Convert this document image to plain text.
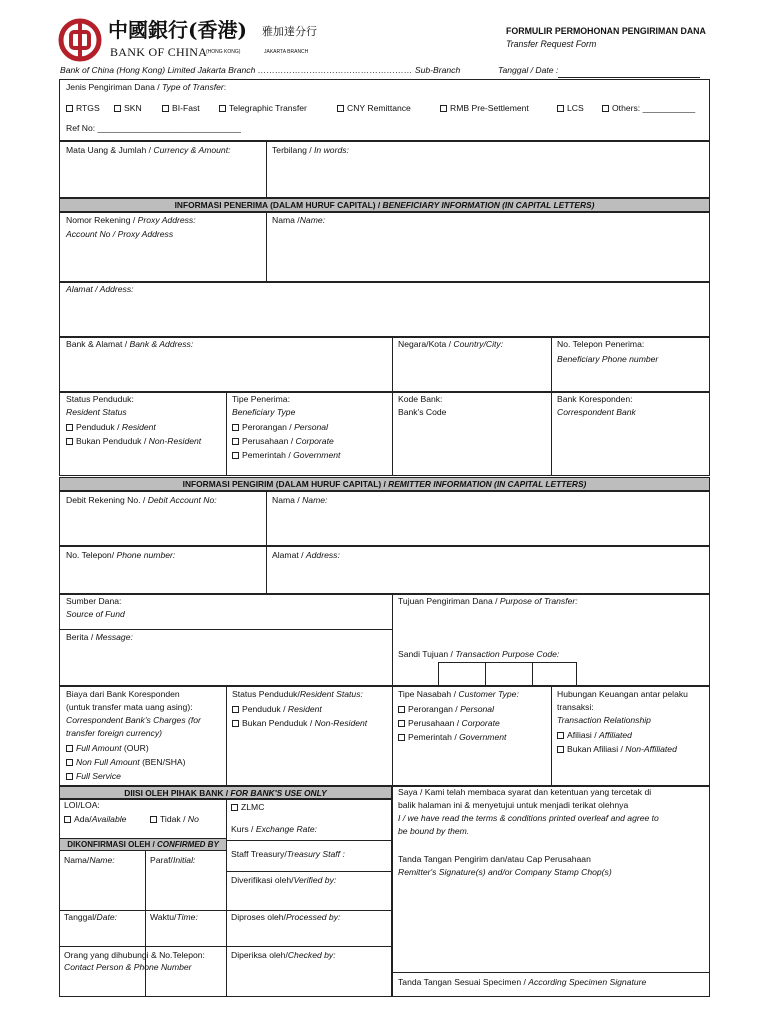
中國銀行(香港) 雅加達分行
BANK OF CHINA
(HONG KONG)	JAKARTA BRANCH
FORMULIR PERMOHONAN PENGIRIMAN DANA
Transfer Request Form
Bank of China (Hong Kong) Limited Jakarta Branch ……………………………………………… Sub-Branch	Tanggal / Date :
Jenis Pengiriman Dana / Type of Transfer:
RTGS	SKN	BI-Fast	Telegraphic Transfer	CNY Remittance	RMB Pre-Settlement	LCS	Others: ___________
Ref No: ______________________________
Mata Uang & Jumlah / Currency & Amount:	Terbilang / In words:
INFORMASI PENERIMA (DALAM HURUF CAPITAL) / BENEFICIARY INFORMATION (IN CAPITAL LETTERS)
Nomor Rekening / Proxy Address:
Account No / Proxy Address
Nama /Name:
Alamat / Address:
Bank & Alamat / Bank & Address:	Negara/Kota / Country/City:	No. Telepon Penerima:
Beneficiary Phone number
Status Penduduk:
Resident Status
Penduduk / Resident
Bukan Penduduk / Non-Resident
Tipe Penerima:
Beneficiary Type
Perorangan / Personal
Perusahaan / Corporate
Pemerintah / Government
Kode Bank:
Bank's Code
Bank Koresponden:
Correspondent Bank
INFORMASI PENGIRIM (DALAM HURUF CAPITAL) / REMITTER INFORMATION (IN CAPITAL LETTERS)
Debit Rekening No. / Debit Account No:	Nama / Name:
No. Telepon/ Phone number:	Alamat / Address:
Sumber Dana:
Source of Fund
Berita / Message:
Tujuan Pengiriman Dana / Purpose of Transfer:
Sandi Tujuan / Transaction Purpose Code:
Biaya dari Bank Koresponden
(untuk transfer mata uang asing):
Correspondent Bank's Charges (for
transfer foreign currency)
Full Amount (OUR)
Non Full Amount (BEN/SHA)
Full Service
Status Penduduk/Resident Status:
Penduduk / Resident
Bukan Penduduk / Non-Resident
Tipe Nasabah / Customer Type:
Perorangan / Personal
Perusahaan / Corporate
Pemerintah / Government
Hubungan Keuangan antar pelaku
transaksi:
Transaction Relationship
Afiliasi / Affiliated
Bukan Afiliasi / Non-Affiliated
DIISI OLEH PIHAK BANK / FOR BANK'S USE ONLY
LOI/LOA:
Ada/Available	Tidak / No
DIKONFIRMASI OLEH / CONFIRMED BY
Nama/Name:	Paraf/Initial:
Tanggal/Date:	Waktu/Time:
Orang yang dihubungi & No.Telepon:
Contact Person & Phone Number
ZLMC
Kurs / Exchange Rate:
Staff Treasury/Treasury Staff :
Diverifikasi oleh/Verified by:
Diproses oleh/Processed by:
Diperiksa oleh/Checked by:
Saya / Kami telah membaca syarat dan ketentuan yang tercetak di
balik halaman ini & menyetujui untuk menjadi terikat olehnya
I / we have read the terms & conditions printed overleaf and agree to
be bound by them.
Tanda Tangan Pengirim dan/atau Cap Perusahaan
Remitter's Signature(s) and/or Company Stamp Chop(s)
Tanda Tangan Sesuai Specimen / According Specimen Signature
